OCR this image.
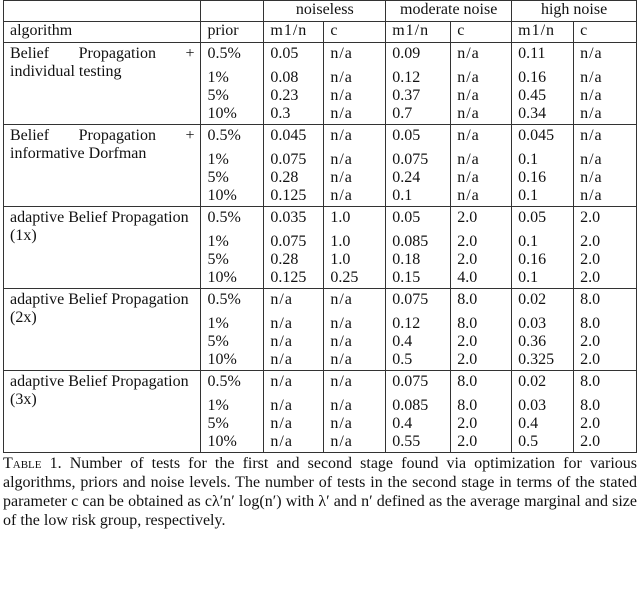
		noiseless		moderate noise		high noise	
algorithm	prior	m1/n	c	m1/n	c	m1/n	c
Belief Propagation + individual testing	0.5%	0.05	n/a	0.09	n/a	0.11	n/a
	1%	0.08	n/a	0.12	n/a	0.16	n/a
	5%	0.23	n/a	0.37	n/a	0.45	n/a
	10%	0.3	n/a	0.7	n/a	0.34	n/a
Belief Propagation + informative Dorfman	0.5%	0.045	n/a	0.05	n/a	0.045	n/a
	1%	0.075	n/a	0.075	n/a	0.1	n/a
	5%	0.28	n/a	0.24	n/a	0.16	n/a
	10%	0.125	n/a	0.1	n/a	0.1	n/a
adaptive Belief Propagation (1x)	0.5%	0.035	1.0	0.05	2.0	0.05	2.0
	1%	0.075	1.0	0.085	2.0	0.1	2.0
	5%	0.28	1.0	0.18	2.0	0.16	2.0
	10%	0.125	0.25	0.15	4.0	0.1	2.0
adaptive Belief Propagation (2x)	0.5%	n/a	n/a	0.075	8.0	0.02	8.0
	1%	n/a	n/a	0.12	8.0	0.03	8.0
	5%	n/a	n/a	0.4	2.0	0.36	2.0
	10%	n/a	n/a	0.5	2.0	0.325	2.0
adaptive Belief Propagation (3x)	0.5%	n/a	n/a	0.075	8.0	0.02	8.0
	1%	n/a	n/a	0.085	8.0	0.03	8.0
	5%	n/a	n/a	0.4	2.0	0.4	2.0
	10%	n/a	n/a	0.55	2.0	0.5	2.0
Table 1. Number of tests for the first and second stage found via optimization for various algorithms, priors and noise levels. The number of tests in the second stage in terms of the stated parameter c can be obtained as cλ′n′ log(n′) with λ′ and n′ defined as the average marginal and size of the low risk group, respectively.
